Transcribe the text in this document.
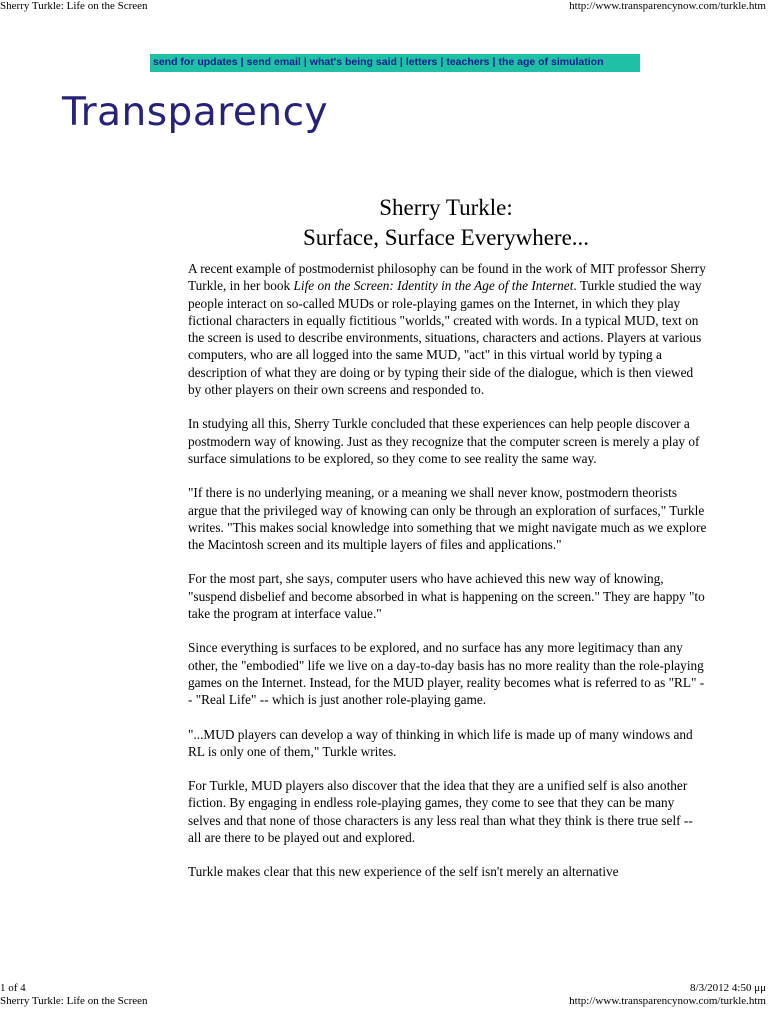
Sherry Turkle: Life on the Screen	http://www.transparencynow.com/turkle.htm
send for updates | send email | what's being said | letters | teachers | the age of simulation
Transparency
Sherry Turkle:
Surface, Surface Everywhere...

A recent example of postmodernist philosophy can be found in the work of MIT professor Sherry Turkle, in her book Life on the Screen: Identity in the Age of the Internet. Turkle studied the way people interact on so-called MUDs or role-playing games on the Internet, in which they play fictional characters in equally fictitious "worlds," created with words. In a typical MUD, text on the screen is used to describe environments, situations, characters and actions. Players at various computers, who are all logged into the same MUD, "act" in this virtual world by typing a description of what they are doing or by typing their side of the dialogue, which is then viewed by other players on their own screens and responded to.

In studying all this, Sherry Turkle concluded that these experiences can help people discover a postmodern way of knowing. Just as they recognize that the computer screen is merely a play of surface simulations to be explored, so they come to see reality the same way.

"If there is no underlying meaning, or a meaning we shall never know, postmodern theorists argue that the privileged way of knowing can only be through an exploration of surfaces," Turkle writes. "This makes social knowledge into something that we might navigate much as we explore the Macintosh screen and its multiple layers of files and applications."

For the most part, she says, computer users who have achieved this new way of knowing, "suspend disbelief and become absorbed in what is happening on the screen." They are happy "to take the program at interface value."

Since everything is surfaces to be explored, and no surface has any more legitimacy than any other, the "embodied" life we live on a day-to-day basis has no more reality than the role-playing games on the Internet. Instead, for the MUD player, reality becomes what is referred to as "RL" -- "Real Life" -- which is just another role-playing game.

"...MUD players can develop a way of thinking in which life is made up of many windows and RL is only one of them," Turkle writes.

For Turkle, MUD players also discover that the idea that they are a unified self is also another fiction. By engaging in endless role-playing games, they come to see that they can be many selves and that none of those characters is any less real than what they think is there true self -- all are there to be played out and explored.

Turkle makes clear that this new experience of the self isn't merely an alternative

1 of 4	8/3/2012 4:50 μμ
Sherry Turkle: Life on the Screen	http://www.transparencynow.com/turkle.htm
